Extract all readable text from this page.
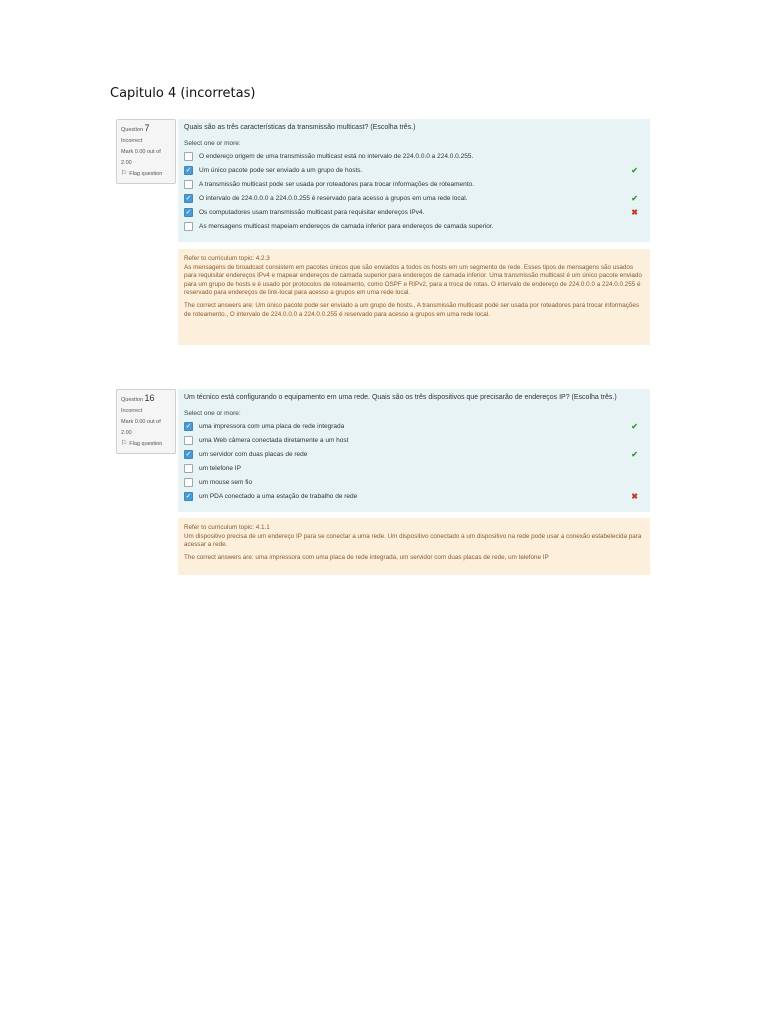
Capitulo 4 (incorretas)
Question 7
Incorrect
Mark 0.00 out of 2.00
⚐ Flag question
Quais são as três características da transmissão multicast? (Escolha três.)
Select one or more:
O endereço origem de uma transmissão multicast está no intervalo de 224.0.0.0 a 224.0.0.255.
✓ Um único pacote pode ser enviado a um grupo de hosts.	✔
A transmissão multicast pode ser usada por roteadores para trocar informações de roteamento.
✓ O intervalo de 224.0.0.0 a 224.0.0.255 é reservado para acesso a grupos em uma rede local.	✔
✓ Os computadores usam transmissão multicast para requisitar endereços IPv4.	✖
As mensagens multicast mapeiam endereços de camada inferior para endereços de camada superior.

Refer to curriculum topic: 4.2.3

As mensagens de broadcast consistem em pacotes únicos que são enviados a todos os hosts em um segmento de rede. Esses tipos de mensagens são usados para requisitar endereços IPv4 e mapear endereços de camada superior para endereços de camada inferior. Uma transmissão multicast é um único pacote enviado para um grupo de hosts e é usado por protocolos de roteamento, como OSPF e RIPv2, para a troca de rotas. O intervalo de endereço de 224.0.0.0 a 224.0.0.255 é reservado para endereços de link-local para acesso a grupos em uma rede local.

The correct answers are: Um único pacote pode ser enviado a um grupo de hosts., A transmissão multicast pode ser usada por roteadores para trocar informações de roteamento., O intervalo de 224.0.0.0 a 224.0.0.255 é reservado para acesso a grupos em uma rede local.

Question 16
Incorrect
Mark 0.00 out of 2.00
⚐ Flag question
Um técnico está configurando o equipamento em uma rede. Quais são os três dispositivos que precisarão de endereços IP? (Escolha três.)
Select one or more:
✓ uma impressora com uma placa de rede integrada	✔
uma Web câmera conectada diretamente a um host
✓ um servidor com duas placas de rede	✔
um telefone IP
um mouse sem fio
✓ um PDA conectado a uma estação de trabalho de rede	✖

Refer to curriculum topic: 4.1.1

Um dispositivo precisa de um endereço IP para se conectar a uma rede. Um dispositivo conectado a um dispositivo na rede pode usar a conexão estabelecida para acessar a rede.

The correct answers are: uma impressora com uma placa de rede integrada, um servidor com duas placas de rede, um telefone IP
